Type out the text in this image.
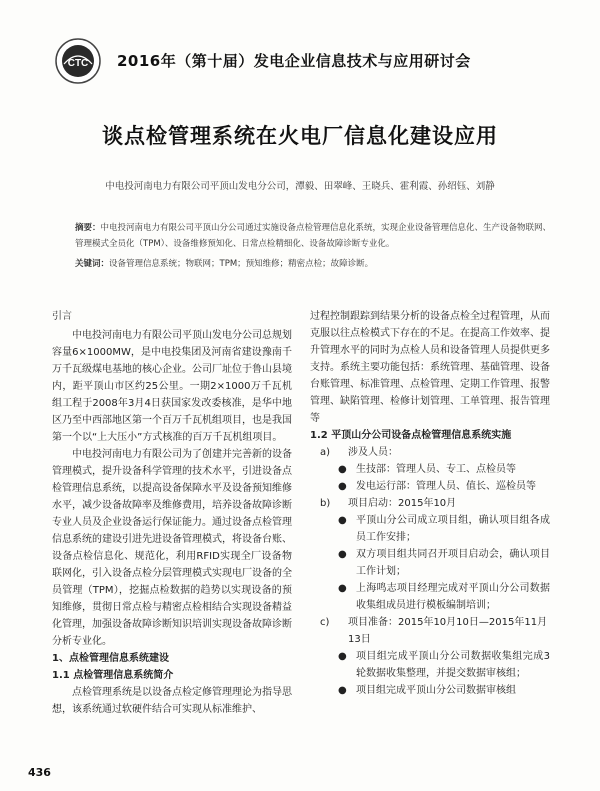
CTC 2016年（第十届）发电企业信息技术与应用研讨会
谈点检管理系统在火电厂信息化建设应用
中电投河南电力有限公司平顶山发电分公司，潭毅、田翠峰、王晓兵、霍利霞、孙绍钰、刘静
摘要：中电投河南电力有限公司平顶山分公司通过实施设备点检管理信息化系统，实现企业设备管理信息化、生产设备物联网、管理模式全员化（TPM）、设备维修预知化、日常点检精细化、设备故障诊断专业化。
关键词：设备管理信息系统；物联网；TPM；预知维修；精密点检；故障诊断。

引言

中电投河南电力有限公司平顶山发电分公司总规划容量6×1000MW，是中电投集团及河南省建设豫南千万千瓦级煤电基地的核心企业。公司厂址位于鲁山县境内，距平顶山市区约25公里。一期2×1000万千瓦机组工程于2008年3月4日获国家发改委核准，是华中地区乃至中西部地区第一个百万千瓦机组项目，也是我国第一个以“上大压小”方式核准的百万千瓦机组项目。

中电投河南电力有限公司为了创建并完善新的设备管理模式，提升设备科学管理的技术水平，引进设备点检管理信息系统，以提高设备保障水平及设备预知维修水平，减少设备故障率及维修费用，培养设备故障诊断专业人员及企业设备运行保证能力。通过设备点检管理信息系统的建设引进先进设备管理模式，将设备台账、设备点检信息化、规范化，利用RFID实现全厂设备物联网化，引入设备点检分层管理模式实现电厂设备的全员管理（TPM），挖掘点检数据的趋势以实现设备的预知维修，贯彻日常点检与精密点检相结合实现设备精益化管理，加强设备故障诊断知识培训实现设备故障诊断分析专业化。

1、点检管理信息系统建设

1.1 点检管理信息系统简介

点检管理系统是以设备点检定修管理理论为指导思想，该系统通过软硬件结合可实现从标准维护、

过程控制跟踪到结果分析的设备点检全过程管理，从而克服以往点检模式下存在的不足。在提高工作效率、提升管理水平的同时为点检人员和设备管理人员提供更多支持。系统主要功能包括：系统管理、基础管理、设备台账管理、标准管理、点检管理、定期工作管理、报警管理、缺陷管理、检修计划管理、工单管理、报告管理等

1.2 平顶山分公司设备点检管理信息系统实施

a)	涉及人员：
● 生技部：管理人员、专工、点检员等
● 发电运行部：管理人员、值长、巡检员等
b)	项目启动：2015年10月
● 平顶山分公司成立项目组，确认项目组各成员工作安排；
● 双方项目组共同召开项目启动会，确认项目工作计划；
● 上海鸣志项目经理完成对平顶山分公司数据收集组成员进行模板编制培训；
c)	项目准备：2015年10月10日—2015年11月13日
● 项目组完成平顶山分公司数据收集组完成3轮数据收集整理，并提交数据审核组；
● 项目组完成平顶山分公司数据审核组
436
